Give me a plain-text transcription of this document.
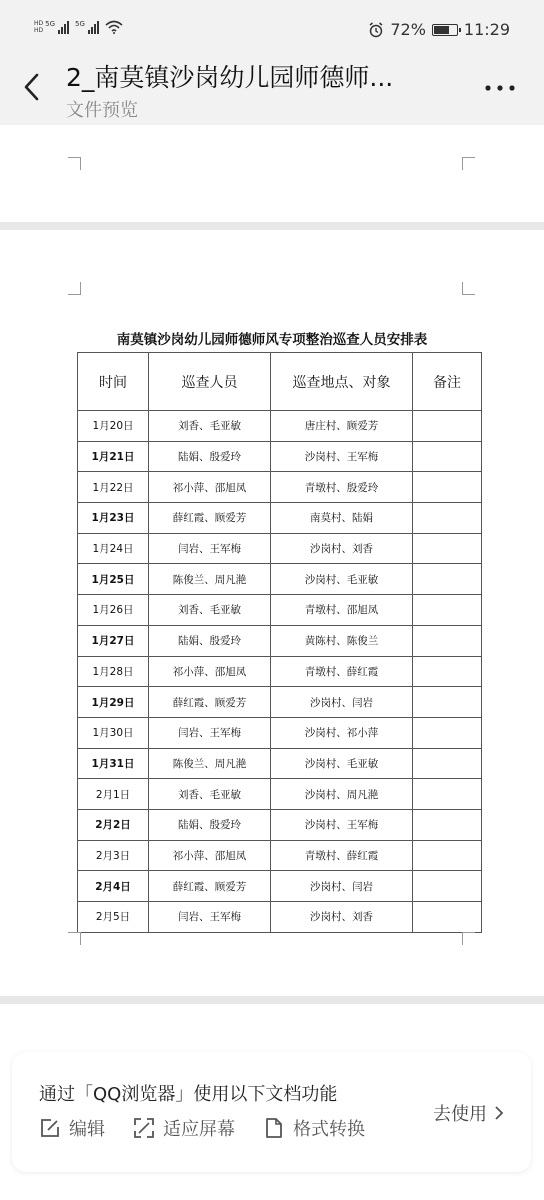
HD
HD
5G	5G	72% 11:29
2_南莫镇沙岗幼儿园师德师...
文件预览
南莫镇沙岗幼儿园师德师风专项整治巡查人员安排表
时间	巡查人员	巡查地点、对象	备注
1月20日	刘香、毛亚敏	唐庄村、顾爱芳	
1月21日	陆娟、殷爱玲	沙岗村、王军梅	
1月22日	祁小萍、邵旭凤	青墩村、殷爱玲	
1月23日	薛红霞、顾爱芳	南莫村、陆娟	
1月24日	闫岩、王军梅	沙岗村、刘香	
1月25日	陈俊兰、周凡滟	沙岗村、毛亚敏	
1月26日	刘香、毛亚敏	青墩村、邵旭凤	
1月27日	陆娟、殷爱玲	黄陈村、陈俊兰	
1月28日	祁小萍、邵旭凤	青墩村、薛红霞	
1月29日	薛红霞、顾爱芳	沙岗村、闫岩	
1月30日	闫岩、王军梅	沙岗村、祁小萍	
1月31日	陈俊兰、周凡滟	沙岗村、毛亚敏	
2月1日	刘香、毛亚敏	沙岗村、周凡滟	
2月2日	陆娟、殷爱玲	沙岗村、王军梅	
2月3日	祁小萍、邵旭凤	青墩村、薛红霞	
2月4日	薛红霞、顾爱芳	沙岗村、闫岩	
2月5日	闫岩、王军梅	沙岗村、刘香	
通过「QQ浏览器」使用以下文档功能
编辑	适应屏幕	格式转换
去使用
